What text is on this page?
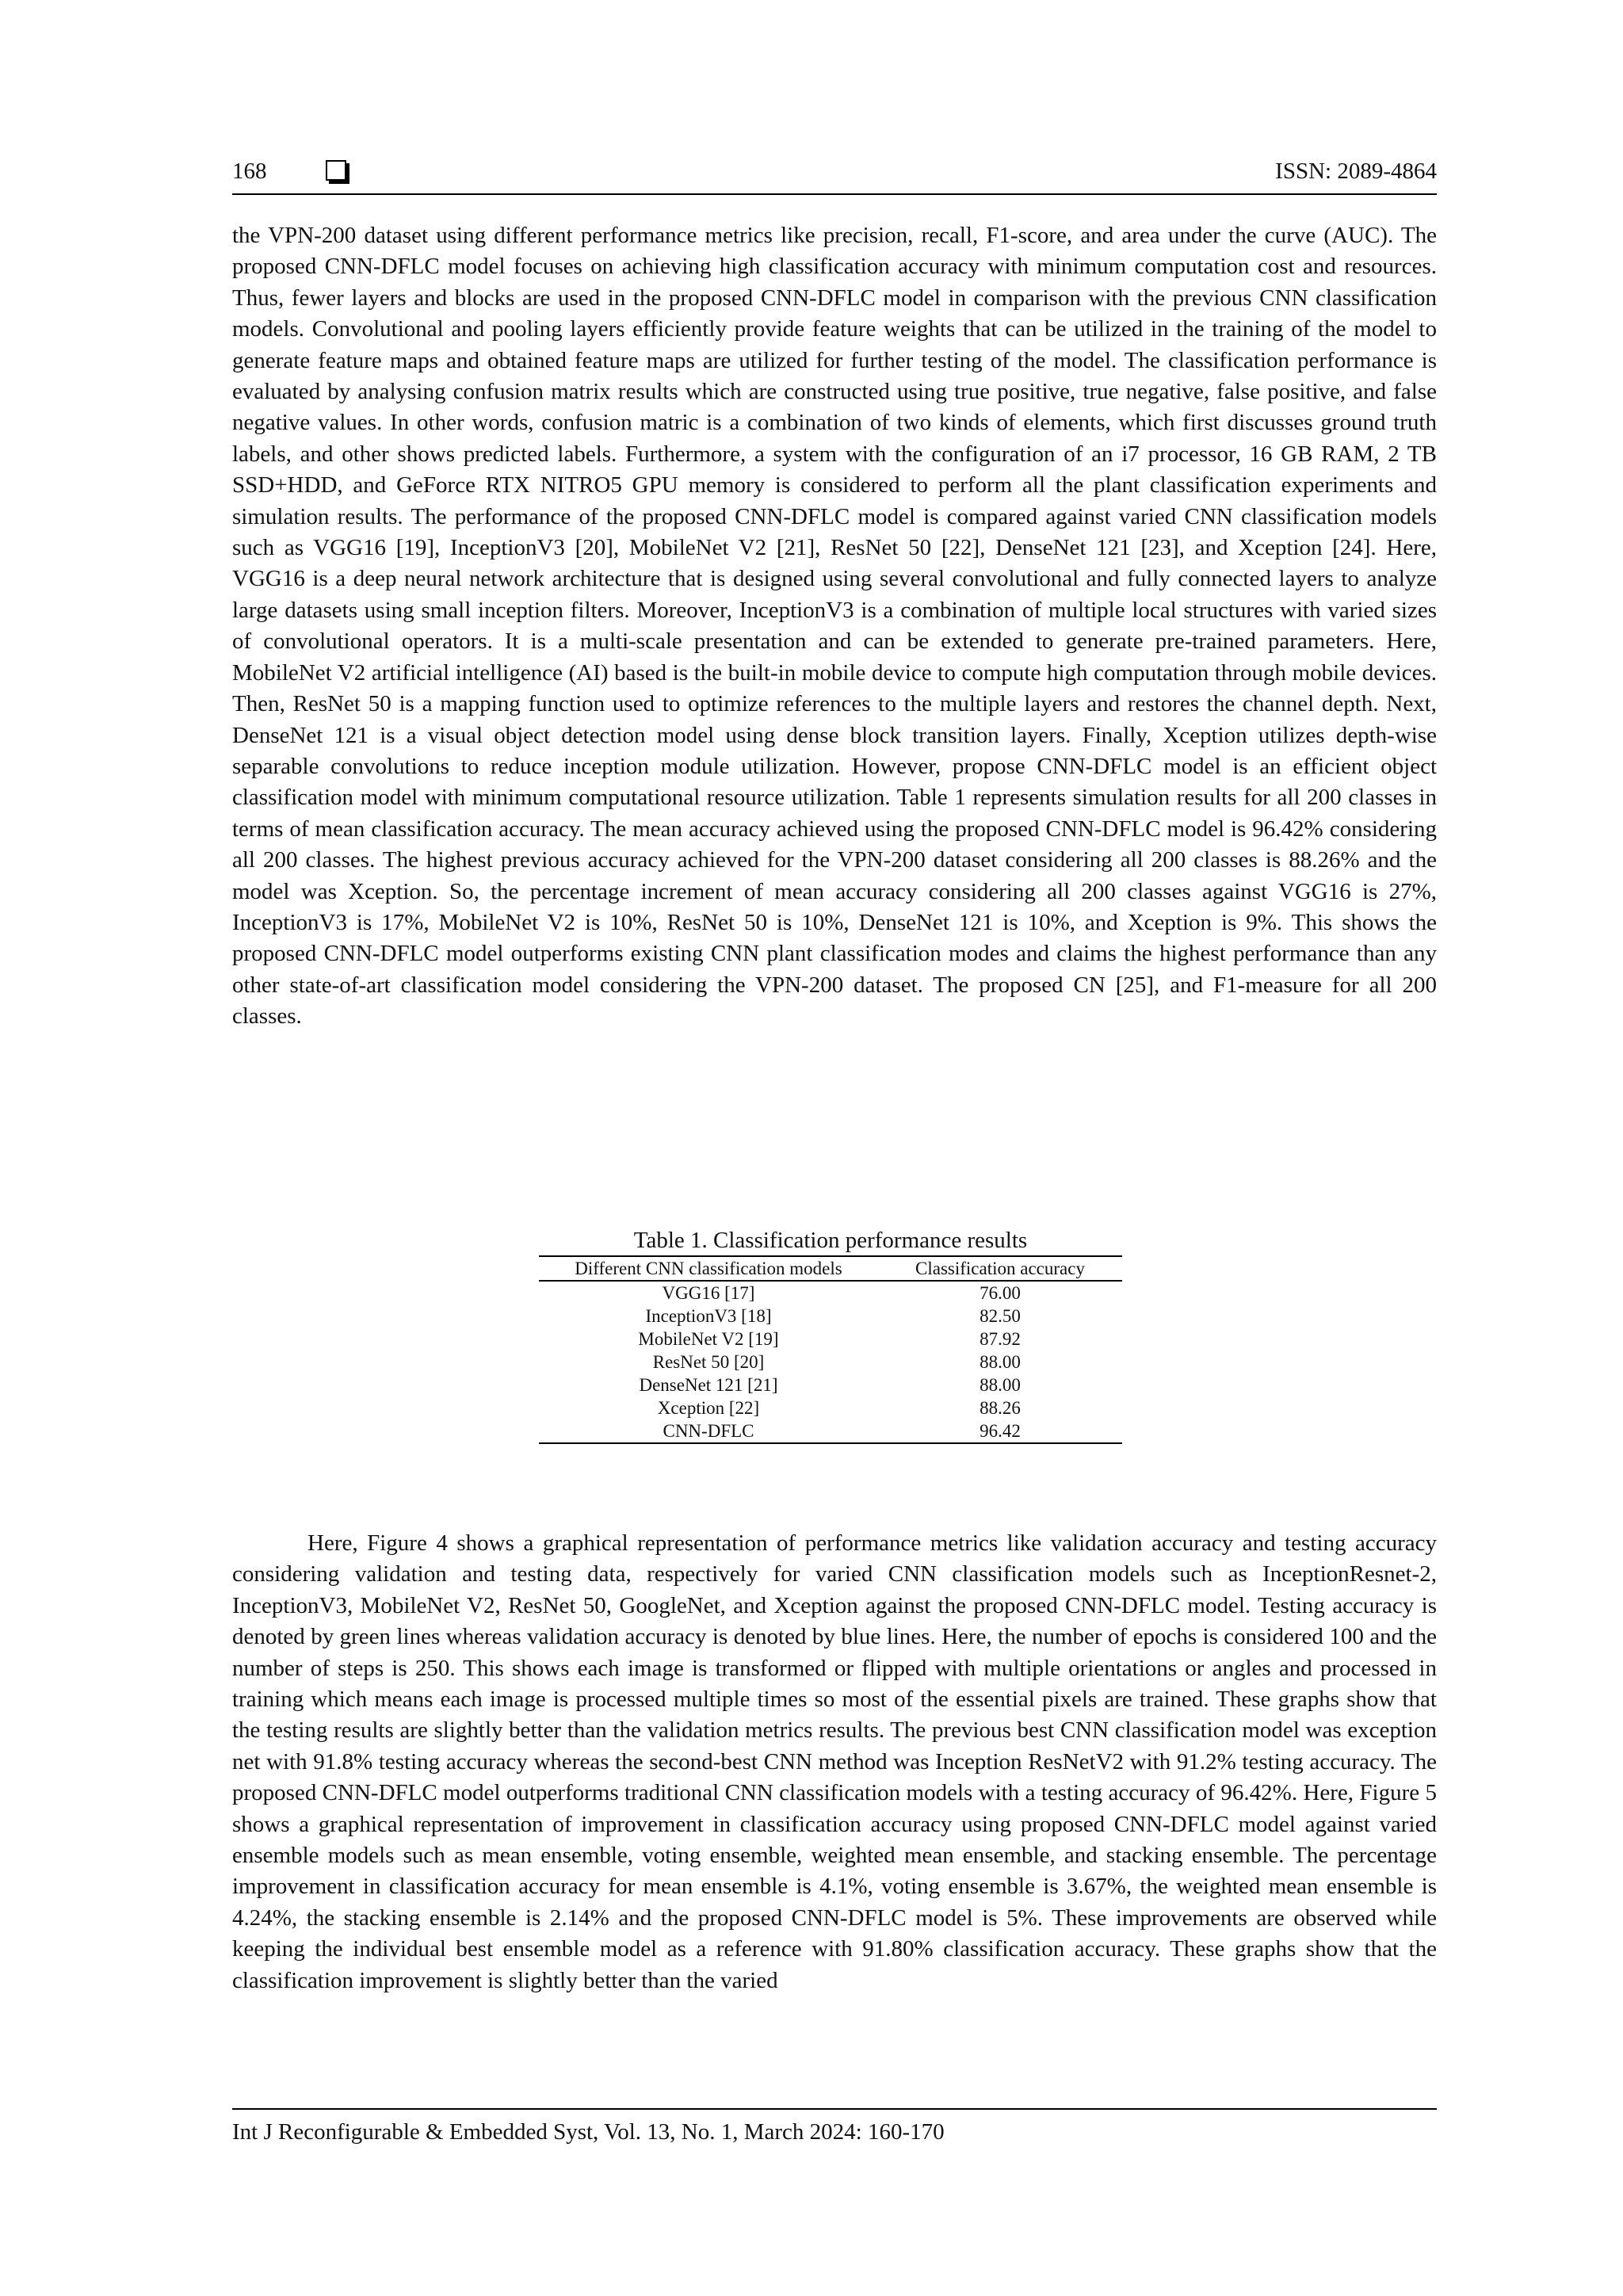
168	ISSN: 2089-4864

the VPN-200 dataset using different performance metrics like precision, recall, F1-score, and area under the curve (AUC). The proposed CNN-DFLC model focuses on achieving high classification accuracy with minimum computation cost and resources. Thus, fewer layers and blocks are used in the proposed CNN-DFLC model in comparison with the previous CNN classification models. Convolutional and pooling layers efficiently provide feature weights that can be utilized in the training of the model to generate feature maps and obtained feature maps are utilized for further testing of the model. The classification performance is evaluated by analysing confusion matrix results which are constructed using true positive, true negative, false positive, and false negative values. In other words, confusion matric is a combination of two kinds of elements, which first discusses ground truth labels, and other shows predicted labels. Furthermore, a system with the configuration of an i7 processor, 16 GB RAM, 2 TB SSD+HDD, and GeForce RTX NITRO5 GPU memory is considered to perform all the plant classification experiments and simulation results. The performance of the proposed CNN-DFLC model is compared against varied CNN classification models such as VGG16 [19], InceptionV3 [20], MobileNet V2 [21], ResNet 50 [22], DenseNet 121 [23], and Xception [24]. Here, VGG16 is a deep neural network architecture that is designed using several convolutional and fully connected layers to analyze large datasets using small inception filters. Moreover, InceptionV3 is a combination of multiple local structures with varied sizes of convolutional operators. It is a multi-scale presentation and can be extended to generate pre-trained parameters. Here, MobileNet V2 artificial intelligence (AI) based is the built-in mobile device to compute high computation through mobile devices. Then, ResNet 50 is a mapping function used to optimize references to the multiple layers and restores the channel depth. Next, DenseNet 121 is a visual object detection model using dense block transition layers. Finally, Xception utilizes depth-wise separable convolutions to reduce inception module utilization. However, propose CNN-DFLC model is an efficient object classification model with minimum computational resource utilization. Table 1 represents simulation results for all 200 classes in terms of mean classification accuracy. The mean accuracy achieved using the proposed CNN-DFLC model is 96.42% considering all 200 classes. The highest previous accuracy achieved for the VPN-200 dataset considering all 200 classes is 88.26% and the model was Xception. So, the percentage increment of mean accuracy considering all 200 classes against VGG16 is 27%, InceptionV3 is 17%, MobileNet V2 is 10%, ResNet 50 is 10%, DenseNet 121 is 10%, and Xception is 9%. This shows the proposed CNN-DFLC model outperforms existing CNN plant classification modes and claims the highest performance than any other state-of-art classification model considering the VPN-200 dataset. The proposed CN [25], and F1-measure for all 200 classes.

Table 1. Classification performance results
Different CNN classification models	Classification accuracy
VGG16 [17]	76.00
InceptionV3 [18]	82.50
MobileNet V2 [19]	87.92
ResNet 50 [20]	88.00
DenseNet 121 [21]	88.00
Xception [22]	88.26
CNN-DFLC	96.42

Here, Figure 4 shows a graphical representation of performance metrics like validation accuracy and testing accuracy considering validation and testing data, respectively for varied CNN classification models such as InceptionResnet-2, InceptionV3, MobileNet V2, ResNet 50, GoogleNet, and Xception against the proposed CNN-DFLC model. Testing accuracy is denoted by green lines whereas validation accuracy is denoted by blue lines. Here, the number of epochs is considered 100 and the number of steps is 250. This shows each image is transformed or flipped with multiple orientations or angles and processed in training which means each image is processed multiple times so most of the essential pixels are trained. These graphs show that the testing results are slightly better than the validation metrics results. The previous best CNN classification model was exception net with 91.8% testing accuracy whereas the second-best CNN method was Inception ResNetV2 with 91.2% testing accuracy. The proposed CNN-DFLC model outperforms traditional CNN classification models with a testing accuracy of 96.42%. Here, Figure 5 shows a graphical representation of improvement in classification accuracy using proposed CNN-DFLC model against varied ensemble models such as mean ensemble, voting ensemble, weighted mean ensemble, and stacking ensemble. The percentage improvement in classification accuracy for mean ensemble is 4.1%, voting ensemble is 3.67%, the weighted mean ensemble is 4.24%, the stacking ensemble is 2.14% and the proposed CNN-DFLC model is 5%. These improvements are observed while keeping the individual best ensemble model as a reference with 91.80% classification accuracy. These graphs show that the classification improvement is slightly better than the varied

Int J Reconfigurable & Embedded Syst, Vol. 13, No. 1, March 2024: 160-170
